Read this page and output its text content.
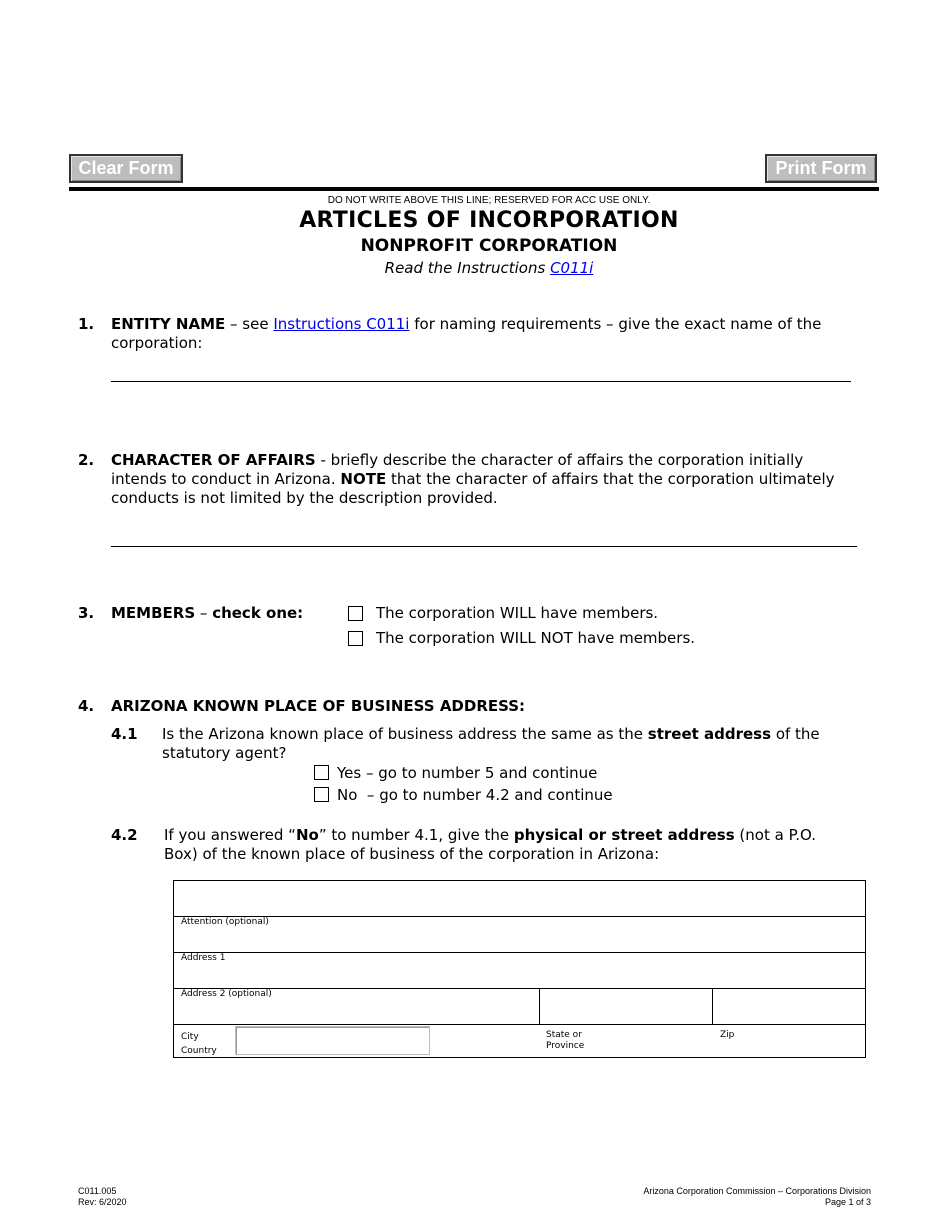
Clear Form	Print Form
DO NOT WRITE ABOVE THIS LINE; RESERVED FOR ACC USE ONLY.
ARTICLES OF INCORPORATION
NONPROFIT CORPORATION
Read the Instructions C011i
1. ENTITY NAME – see Instructions C011i for naming requirements – give the exact name of the
corporation:
2. CHARACTER OF AFFAIRS - briefly describe the character of affairs the corporation initially
intends to conduct in Arizona. NOTE that the character of affairs that the corporation ultimately
conducts is not limited by the description provided.
3. MEMBERS – check one:	The corporation WILL have members.
The corporation WILL NOT have members.
4. ARIZONA KNOWN PLACE OF BUSINESS ADDRESS:
4.1 Is the Arizona known place of business address the same as the street address of the
statutory agent?
Yes – go to number 5 and continue
No  – go to number 4.2 and continue
4.2 If you answered “No” to number 4.1, give the physical or street address (not a P.O.
Box) of the known place of business of the corporation in Arizona:
Attention (optional)
Address 1
Address 2 (optional)
City
Country
State or
Province
Zip
C011.005
Rev: 6/2020
Arizona Corporation Commission – Corporations Division
Page 1 of 3
